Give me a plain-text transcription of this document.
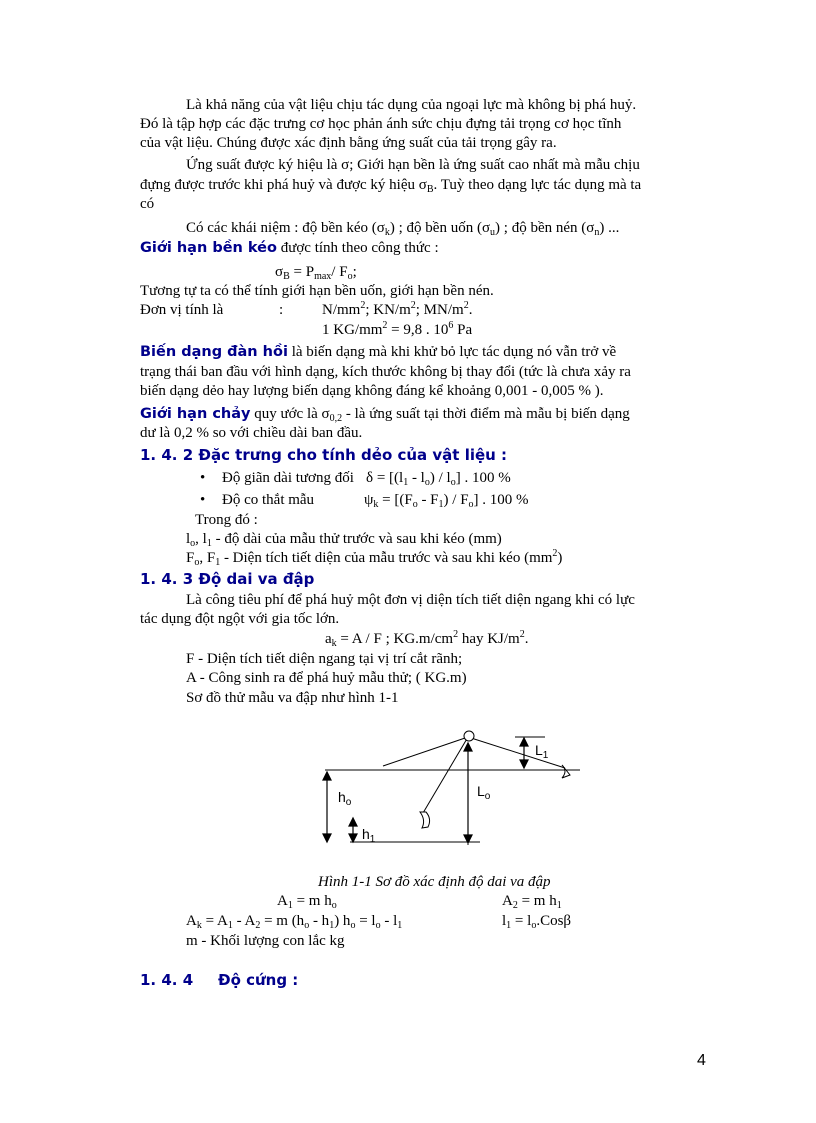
Là khả năng của vật liệu chịu tác dụng của ngoại lực mà không bị phá huỷ.
Đó là tập hợp các đặc trưng cơ học phản ánh sức chịu đựng tải trọng cơ học tĩnh
của vật liệu. Chúng được xác định bằng ứng suất của tải trọng gây ra.
Ứng suất được ký hiệu là σ; Giới hạn bền là ứng suất cao nhất mà mẫu chịu
đựng được trước khi phá huỷ và được ký hiệu $\sigma_B$. Tuỳ theo dạng lực tác dụng mà ta
có
Có các khái niệm : độ bền kéo $(\sigma_k)$ ; độ bền uốn $(\sigma_u)$ ; độ bền nén $(\sigma_n)$ ...
Giới hạn bền kéo được tính theo công thức :
$\sigma_B = P_{max}/$ $F_o$;
Tương tự ta có thể tính giới hạn bền uốn, giới hạn bền nén.
Đơn vị tính là	:	$N/mm^2$; $KN/m^2$; $MN/m^2$.
1 $KG/mm^2 = 9,8$ . $10^6$ Pa
Biến dạng đàn hồi là biến dạng mà khi khử bỏ lực tác dụng nó vẫn trở về
trạng thái ban đầu với hình dạng, kích thước không bị thay đổi (tức là chưa xảy ra
biến dạng dẻo hay lượng biến dạng không đáng kể khoảng 0,001 - 0,005 % ).
Giới hạn chảy quy ước là $\sigma_{0,2}$ - là ứng suất tại thời điểm mà mẫu bị biến dạng
dư là 0,2 % so với chiều dài ban đầu.
1. 4. 2 Đặc trưng cho tính dẻo của vật liệu :
• Độ giãn dài tương đối $\delta = [(l_1 - l_o) / l_o]$ . 100 %
• Độ co thắt mẫu	$\psi_k = [(F_o - F_1) / F_o]$ . 100 %
Trong đó :
$l_o$, $l_1$ - độ dài của mẫu thử trước và sau khi kéo (mm)
$F_o$, $F_1$ - Diện tích tiết diện của mẫu trước và sau khi kéo $(mm^2)$
1. 4. 3 Độ dai va đập
Là công tiêu phí để phá huỷ một đơn vị diện tích tiết diện ngang khi có lực
tác dụng đột ngột với gia tốc lớn.
$a_k = A / F$ ; $KG.m/cm^2$ hay $KJ/m^2$.
F - Diện tích tiết diện ngang tại vị trí cắt rãnh;
A - Công sinh ra để phá huỷ mẫu thử; ( KG.m)
Sơ đồ thử mẫu va đập như hình 1-1
$L_1$
$h_o$
$L_o$
$h_1$
Hình 1-1 Sơ đồ xác định độ dai va đập
$A_1 = m$ $h_o$	$A_2 = m$ $h_1$
$A_k = A_1 - A_2 = m$ $(h_o - h_1) h_o = l_o - l_1$	$l_1 = l_o.Cos\beta$
m - Khối lượng con lắc kg
1. 4. 4 Độ cứng :
4
